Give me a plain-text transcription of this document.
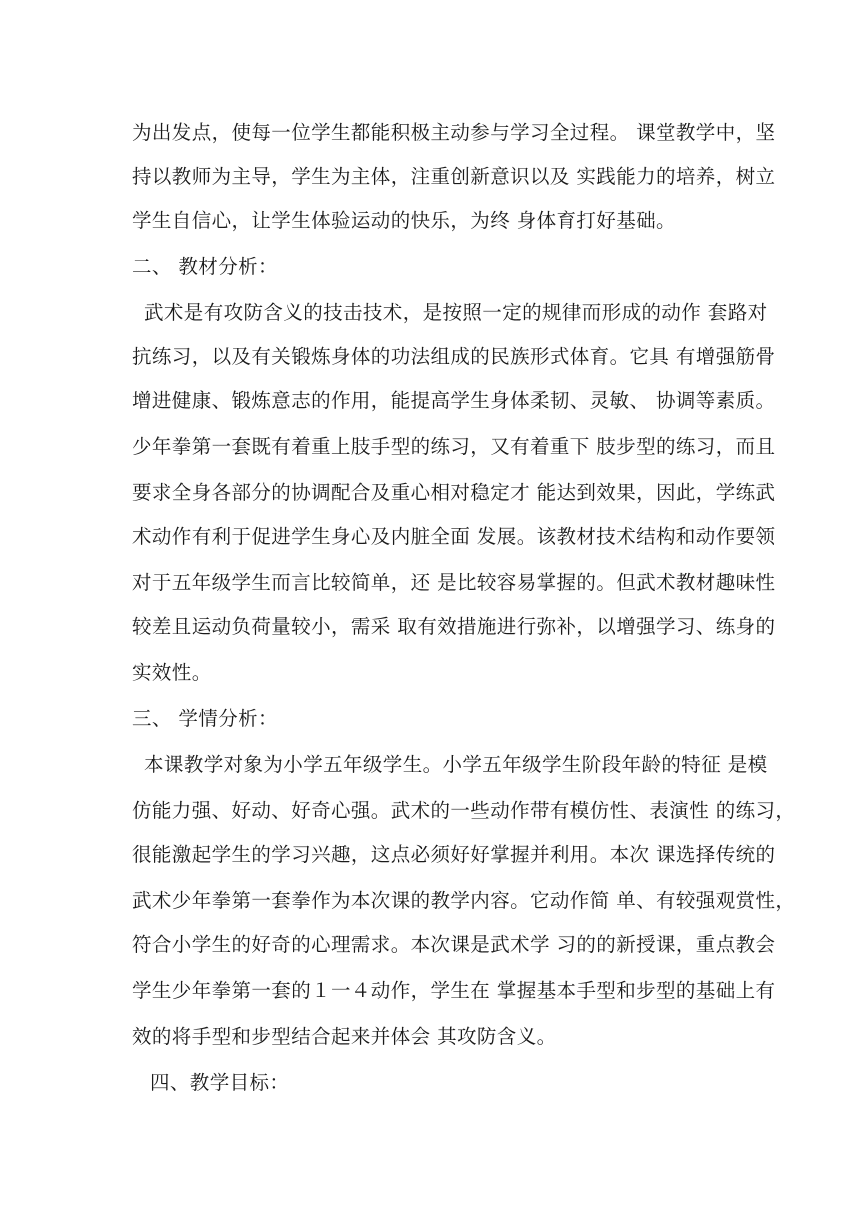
为出发点，使每一位学生都能积极主动参与学习全过程。 课堂教学中，坚
持以教师为主导，学生为主体，注重创新意识以及 实践能力的培养，树立
学生自信心，让学生体验运动的快乐，为终 身体育打好基础。
二、 教材分析：
武术是有攻防含义的技击技术，是按照一定的规律而形成的动作 套路对
抗练习，以及有关锻炼身体的功法组成的民族形式体育。它具 有增强筋骨
增进健康、锻炼意志的作用，能提高学生身体柔韧、灵敏、 协调等素质。
少年拳第一套既有着重上肢手型的练习，又有着重下 肢步型的练习，而且
要求全身各部分的协调配合及重心相对稳定才 能达到效果，因此，学练武
术动作有利于促进学生身心及内脏全面 发展。该教材技术结构和动作要领
对于五年级学生而言比较简单，还 是比较容易掌握的。但武术教材趣味性
较差且运动负荷量较小，需采 取有效措施进行弥补，以增强学习、练身的
实效性。
三、 学情分析：
本课教学对象为小学五年级学生。小学五年级学生阶段年龄的特征 是模
仿能力强、好动、好奇心强。武术的一些动作带有模仿性、表演性 的练习，
很能激起学生的学习兴趣，这点必须好好掌握并利用。本次 课选择传统的
武术少年拳第一套拳作为本次课的教学内容。它动作简 单、有较强观赏性，
符合小学生的好奇的心理需求。本次课是武术学 习的的新授课，重点教会
学生少年拳第一套的１一４动作，学生在 掌握基本手型和步型的基础上有
效的将手型和步型结合起来并体会 其攻防含义。
四、教学目标：
